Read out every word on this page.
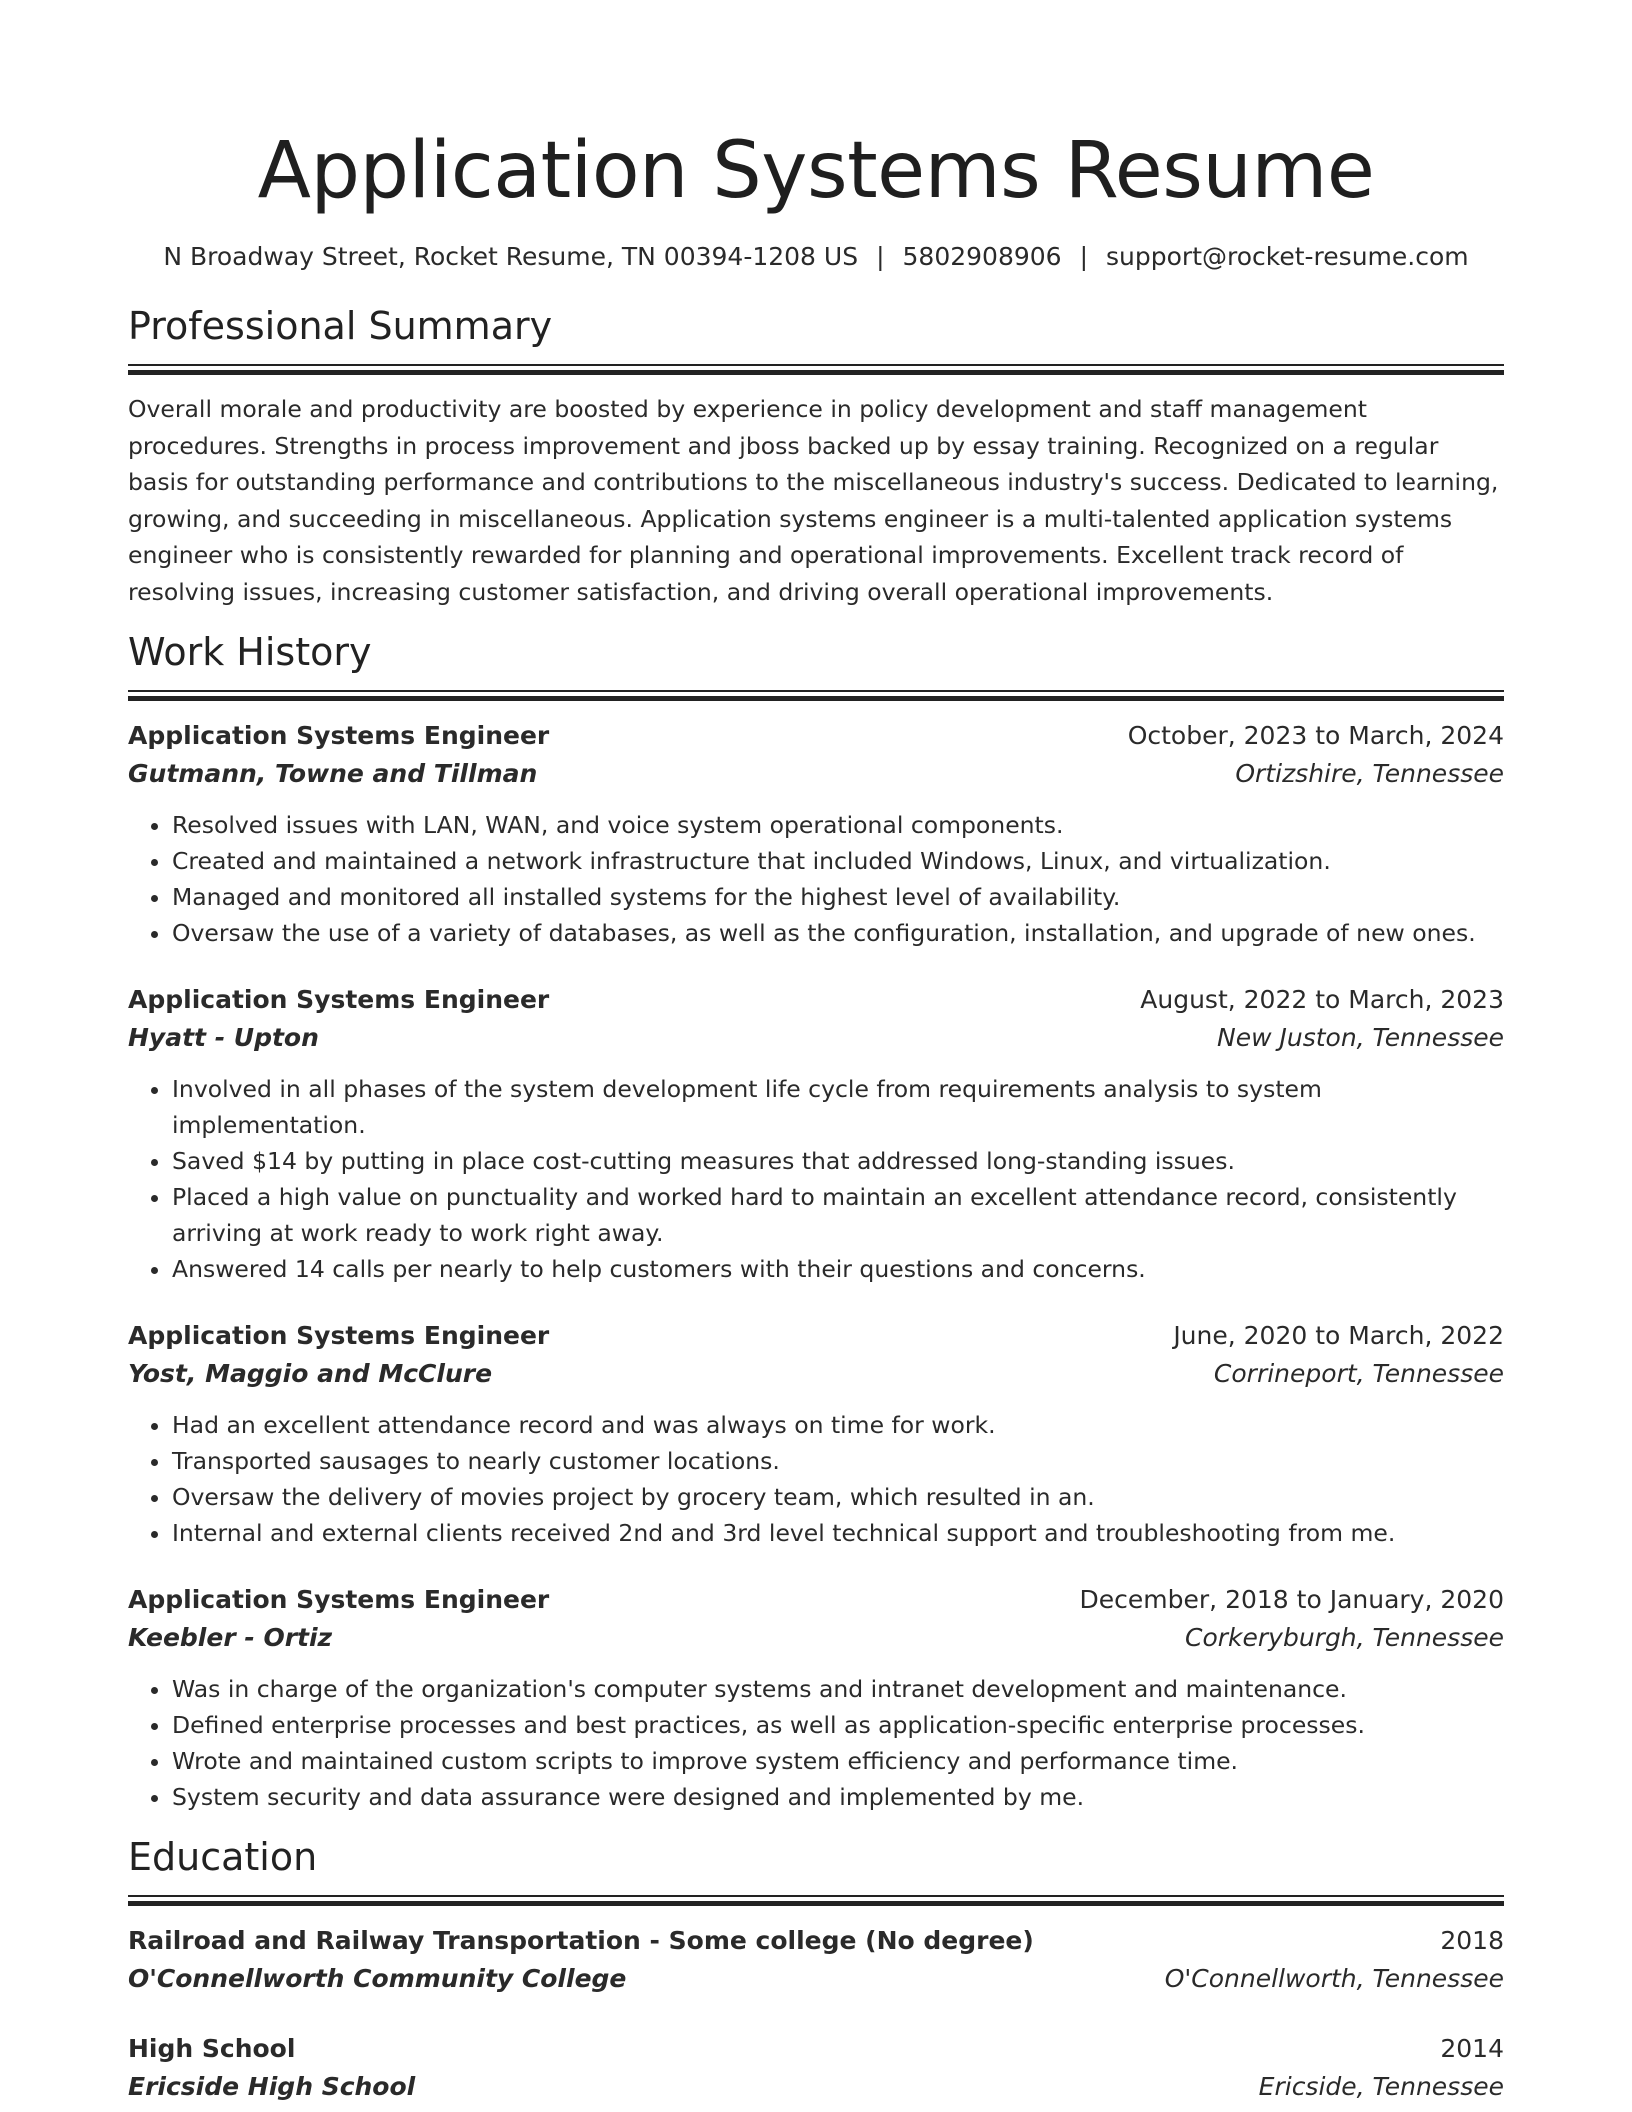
Application Systems Resume
N Broadway Street, Rocket Resume, TN 00394-1208 US | 5802908906 | support@rocket-resume.com
Professional Summary

Overall morale and productivity are boosted by experience in policy development and staff management procedures. Strengths in process improvement and jboss backed up by essay training. Recognized on a regular basis for outstanding performance and contributions to the miscellaneous industry's success. Dedicated to learning, growing, and succeeding in miscellaneous. Application systems engineer is a multi-talented application systems engineer who is consistently rewarded for planning and operational improvements. Excellent track record of resolving issues, increasing customer satisfaction, and driving overall operational improvements.

Work History
Application Systems Engineer	October, 2023 to March, 2024
Gutmann, Towne and Tillman	Ortizshire, Tennessee
• Resolved issues with LAN, WAN, and voice system operational components.
• Created and maintained a network infrastructure that included Windows, Linux, and virtualization.
• Managed and monitored all installed systems for the highest level of availability.
• Oversaw the use of a variety of databases, as well as the configuration, installation, and upgrade of new ones.
Application Systems Engineer	August, 2022 to March, 2023
Hyatt - Upton	New Juston, Tennessee
• Involved in all phases of the system development life cycle from requirements analysis to system implementation.
• Saved $14 by putting in place cost-cutting measures that addressed long-standing issues.
• Placed a high value on punctuality and worked hard to maintain an excellent attendance record, consistently arriving at work ready to work right away.
• Answered 14 calls per nearly to help customers with their questions and concerns.
Application Systems Engineer	June, 2020 to March, 2022
Yost, Maggio and McClure	Corrineport, Tennessee
• Had an excellent attendance record and was always on time for work.
• Transported sausages to nearly customer locations.
• Oversaw the delivery of movies project by grocery team, which resulted in an.
• Internal and external clients received 2nd and 3rd level technical support and troubleshooting from me.
Application Systems Engineer	December, 2018 to January, 2020
Keebler - Ortiz	Corkeryburgh, Tennessee
• Was in charge of the organization's computer systems and intranet development and maintenance.
• Defined enterprise processes and best practices, as well as application-specific enterprise processes.
• Wrote and maintained custom scripts to improve system efficiency and performance time.
• System security and data assurance were designed and implemented by me.
Education
Railroad and Railway Transportation - Some college (No degree)	2018
O'Connellworth Community College	O'Connellworth, Tennessee
High School	2014
Ericside High School	Ericside, Tennessee
